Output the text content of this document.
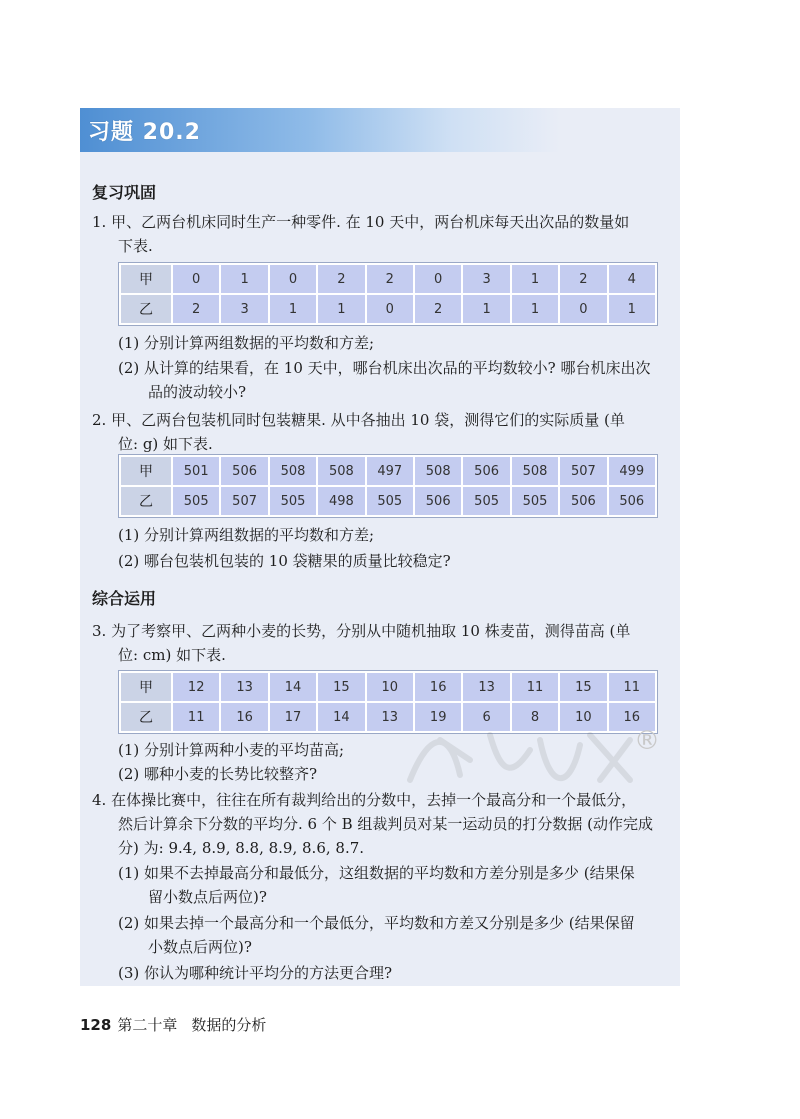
习题 20.2
复习巩固
1. 甲、乙两台机床同时生产一种零件. 在 10 天中，两台机床每天出次品的数量如
下表.
甲	0	1	0	2	2	0	3	1	2	4
乙	2	3	1	1	0	2	1	1	0	1
(1) 分别计算两组数据的平均数和方差;
(2) 从计算的结果看，在 10 天中，哪台机床出次品的平均数较小? 哪台机床出次
品的波动较小?
2. 甲、乙两台包装机同时包装糖果. 从中各抽出 10 袋，测得它们的实际质量 (单
位: g) 如下表.
甲	501	506	508	508	497	508	506	508	507	499
乙	505	507	505	498	505	506	505	505	506	506
(1) 分别计算两组数据的平均数和方差;
(2) 哪台包装机包装的 10 袋糖果的质量比较稳定?
综合运用
3. 为了考察甲、乙两种小麦的长势，分别从中随机抽取 10 株麦苗，测得苗高 (单
位: cm) 如下表.
甲	12	13	14	15	10	16	13	11	15	11
乙	11	16	17	14	13	19	6	8	10	16
(1) 分别计算两种小麦的平均苗高;
(2) 哪种小麦的长势比较整齐?
4. 在体操比赛中，往往在所有裁判给出的分数中，去掉一个最高分和一个最低分，
然后计算余下分数的平均分. 6 个 B 组裁判员对某一运动员的打分数据 (动作完成
分) 为: 9.4, 8.9, 8.8, 8.9, 8.6, 8.7.
(1) 如果不去掉最高分和最低分，这组数据的平均数和方差分别是多少 (结果保
留小数点后两位)?
(2) 如果去掉一个最高分和一个最低分，平均数和方差又分别是多少 (结果保留
小数点后两位)?
(3) 你认为哪种统计平均分的方法更合理?
®
128 第二十章 数据的分析
